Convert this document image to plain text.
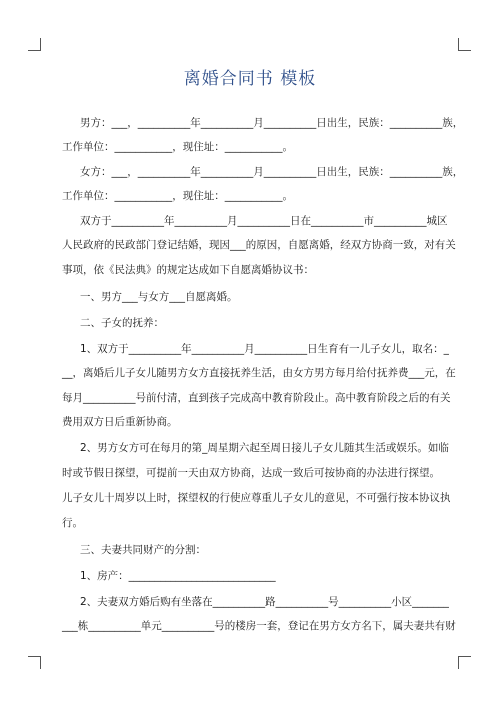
离婚合同书 模板
男方：___，__________年__________月__________日出生，民族：__________族，
工作单位：___________，现住址：___________。
女方：___，__________年__________月__________日出生，民族：__________族，
工作单位：___________，现住址：___________。
双方于__________年__________月__________日在__________市__________城区
人民政府的民政部门登记结婚，现因___的原因，自愿离婚，经双方协商一致，对有关
事项，依《民法典》的规定达成如下自愿离婚协议书：
一、男方___与女方___自愿离婚。
二、子女的抚养：
1、双方于__________年__________月__________日生育有一儿子女儿，取名：_
__，离婚后儿子女儿随男方女方直接抚养生活，由女方男方每月给付抚养费___元，在
每月__________号前付清，直到孩子完成高中教育阶段止。高中教育阶段之后的有关
费用双方日后重新协商。
2、男方女方可在每月的第_周星期六起至周日接儿子女儿随其生活或娱乐。如临
时或节假日探望，可提前一天由双方协商，达成一致后可按协商的办法进行探望。
儿子女儿十周岁以上时，探望权的行使应尊重儿子女儿的意见，不可强行按本协议执
行。
三、夫妻共同财产的分割：
1、房产：____________________________
2、夫妻双方婚后购有坐落在__________路__________号__________小区_______
___栋__________单元__________号的楼房一套，登记在男方女方名下，属夫妻共有财
